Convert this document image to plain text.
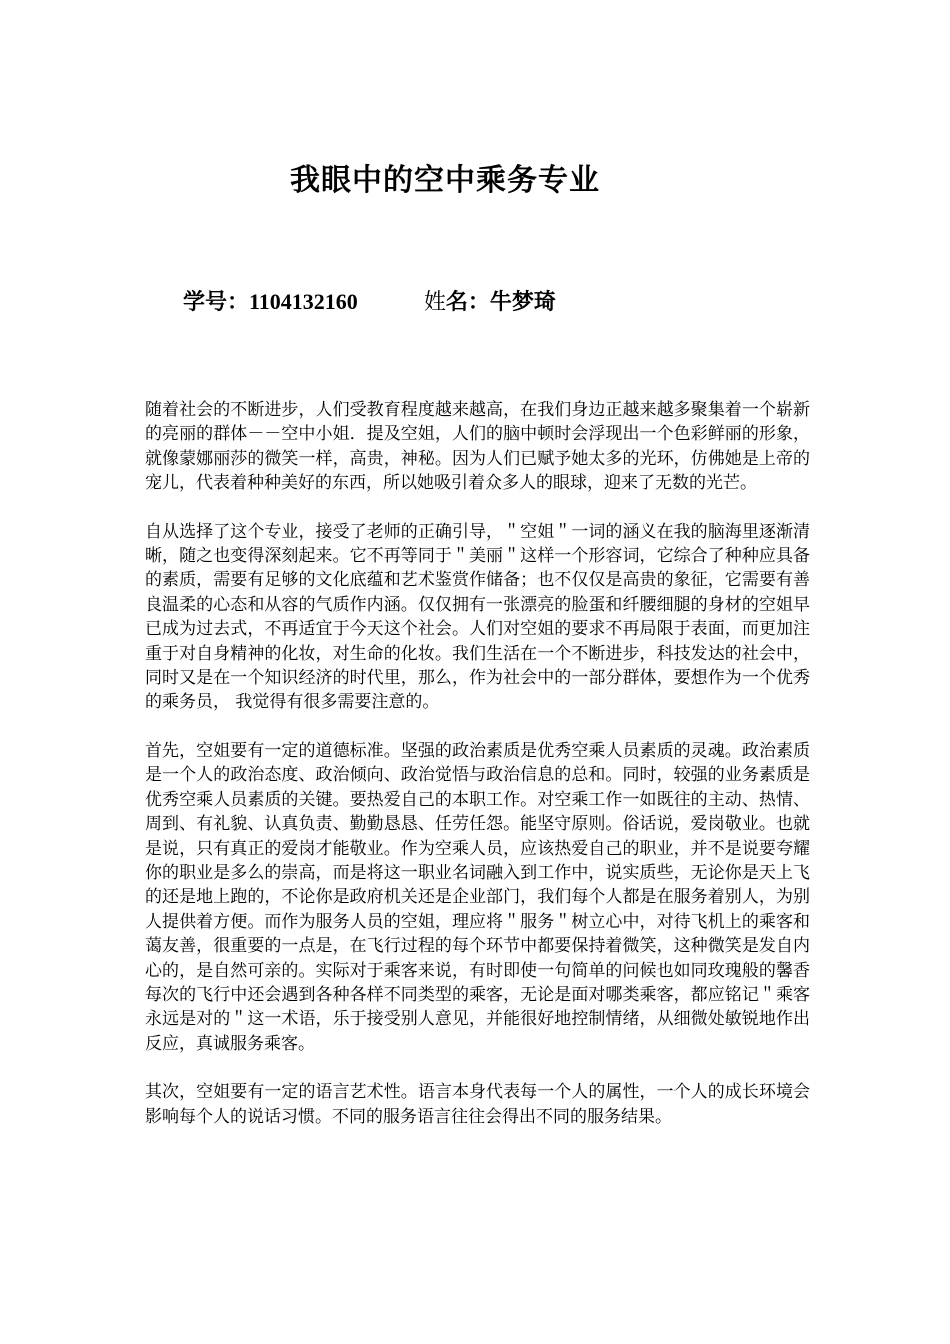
我眼中的空中乘务专业
学号：1104132160	姓名：牛梦琦

随着社会的不断进步，人们受教育程度越来越高，在我们身边正越来越多聚集着一个崭新的亮丽的群体－－空中小姐．提及空姐，人们的脑中顿时会浮现出一个色彩鲜丽的形象，就像蒙娜丽莎的微笑一样，高贵，神秘。因为人们已赋予她太多的光环，仿佛她是上帝的宠儿，代表着种种美好的东西，所以她吸引着众多人的眼球，迎来了无数的光芒。

自从选择了这个专业，接受了老师的正确引导，＂空姐＂一词的涵义在我的脑海里逐渐清晰，随之也变得深刻起来。它不再等同于＂美丽＂这样一个形容词，它综合了种种应具备的素质，需要有足够的文化底蕴和艺术鉴赏作储备；也不仅仅是高贵的象征，它需要有善良温柔的心态和从容的气质作内涵。仅仅拥有一张漂亮的脸蛋和纤腰细腿的身材的空姐早已成为过去式，不再适宜于今天这个社会。人们对空姐的要求不再局限于表面，而更加注重于对自身精神的化妆，对生命的化妆。我们生活在一个不断进步，科技发达的社会中，同时又是在一个知识经济的时代里，那么，作为社会中的一部分群体，要想作为一个优秀的乘务员， 我觉得有很多需要注意的。

首先，空姐要有一定的道德标准。坚强的政治素质是优秀空乘人员素质的灵魂。政治素质是一个人的政治态度、政治倾向、政治觉悟与政治信息的总和。同时，较强的业务素质是优秀空乘人员素质的关键。要热爱自己的本职工作。对空乘工作一如既往的主动、热情、周到、有礼貌、认真负责、勤勤恳恳、任劳任怨。能坚守原则。俗话说，爱岗敬业。也就是说，只有真正的爱岗才能敬业。作为空乘人员，应该热爱自己的职业，并不是说要夸耀你的职业是多么的崇高，而是将这一职业名词融入到工作中，说实质些，无论你是天上飞的还是地上跑的，不论你是政府机关还是企业部门，我们每个人都是在服务着别人，为别人提供着方便。而作为服务人员的空姐，理应将＂服务＂树立心中，对待飞机上的乘客和蔼友善，很重要的一点是，在飞行过程的每个环节中都要保持着微笑，这种微笑是发自内心的，是自然可亲的。实际对于乘客来说，有时即使一句简单的问候也如同玫瑰般的馨香每次的飞行中还会遇到各种各样不同类型的乘客，无论是面对哪类乘客，都应铭记＂乘客永远是对的＂这一术语，乐于接受别人意见，并能很好地控制情绪，从细微处敏锐地作出反应，真诚服务乘客。

其次，空姐要有一定的语言艺术性。语言本身代表每一个人的属性，一个人的成长环境会影响每个人的说话习惯。不同的服务语言往往会得出不同的服务结果。
